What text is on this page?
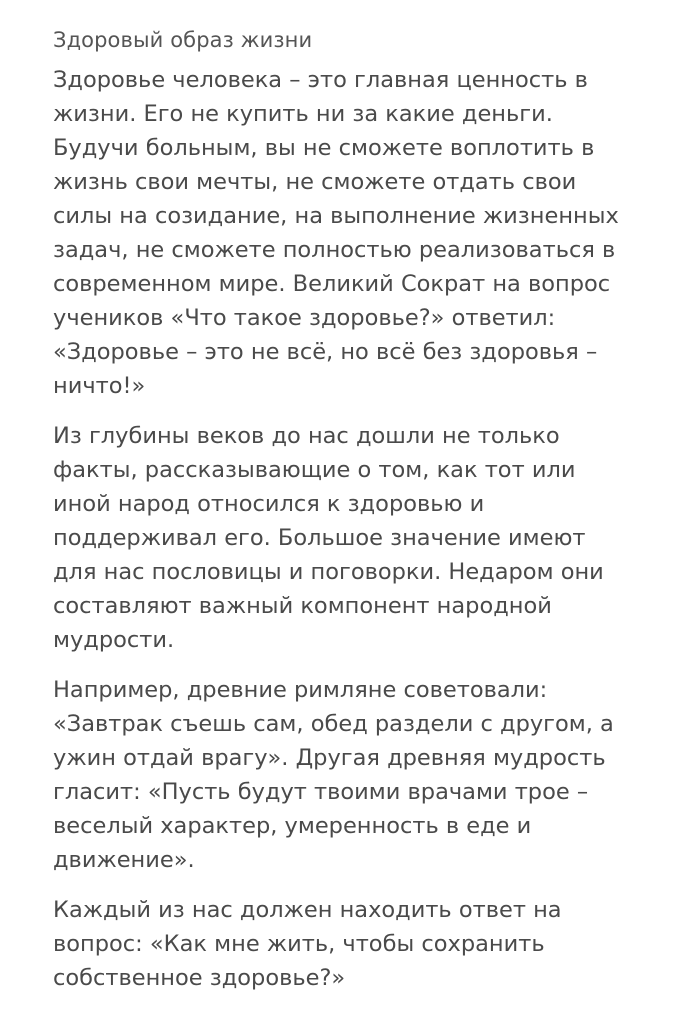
Здоровый образ жизни

Здоровье человека – это главная ценность в
жизни. Его не купить ни за какие деньги.
Будучи больным, вы не сможете воплотить в
жизнь свои мечты, не сможете отдать свои
силы на созидание, на выполнение жизненных
задач, не сможете полностью реализоваться в
современном мире. Великий Сократ на вопрос
учеников «Что такое здоровье?» ответил:
«Здоровье – это не всё, но всё без здоровья –
ничто!»

Из глубины веков до нас дошли не только
факты, рассказывающие о том, как тот или
иной народ относился к здоровью и
поддерживал его. Большое значение имеют
для нас пословицы и поговорки. Недаром они
составляют важный компонент народной
мудрости.

Например, древние римляне советовали:
«Завтрак съешь сам, обед раздели с другом, а
ужин отдай врагу». Другая древняя мудрость
гласит: «Пусть будут твоими врачами трое –
веселый характер, умеренность в еде и
движение».

Каждый из нас должен находить ответ на
вопрос: «Как мне жить, чтобы сохранить
собственное здоровье?»
